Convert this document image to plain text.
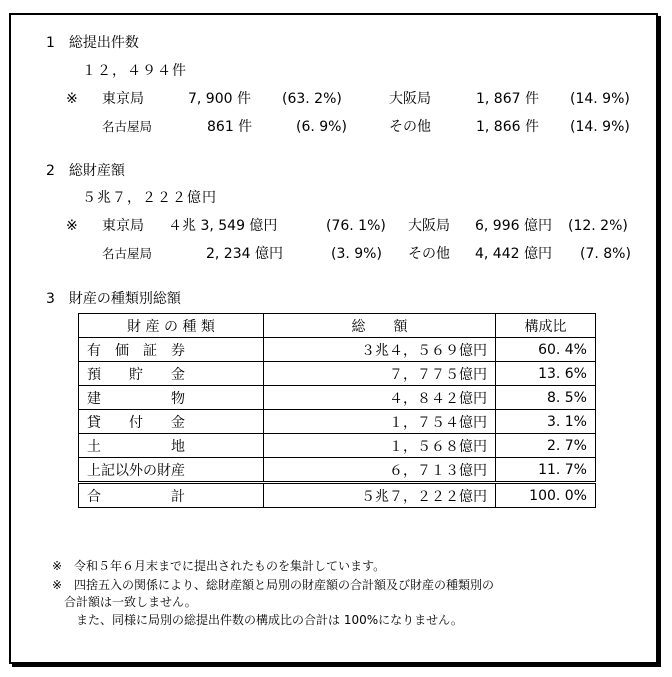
1　総提出件数
１２，４９４件
※ 東京局	7, 900 件 (63. 2%)	大阪局	1, 867 件 (14. 9%)
名古屋局	861 件	(6. 9%)	その他	1, 866 件 (14. 9%)
2　総財産額
５兆７，２２２億円
※ 東京局 ４兆 3, 549 億円	(76. 1%) 大阪局 6, 996 億円 (12. 2%)
名古屋局	2, 234 億円	(3. 9%) その他 4, 442 億円 (7. 8%)
3　財産の種類別総額
財 産 の 種 類	総　　額	構成比
有　価　証　券	３兆４，５６９億円	60. 4%
預　　貯　　金	７，７７５億円	13. 6%
建　　　　　物	４，８４２億円	8. 5%
貸　　付　　金	１，７５４億円	3. 1%
土　　　　　地	１，５６８億円	2. 7%
上記以外の財産	６，７１３億円	11. 7%
合　　　　　計	５兆７，２２２億円	100. 0%
※　令和５年６月末までに提出されたものを集計しています。
※　四捨五入の関係により、総財産額と局別の財産額の合計額及び財産の種類別の
　合計額は一致しません。
　　また、同様に局別の総提出件数の構成比の合計は 100%になりません。
